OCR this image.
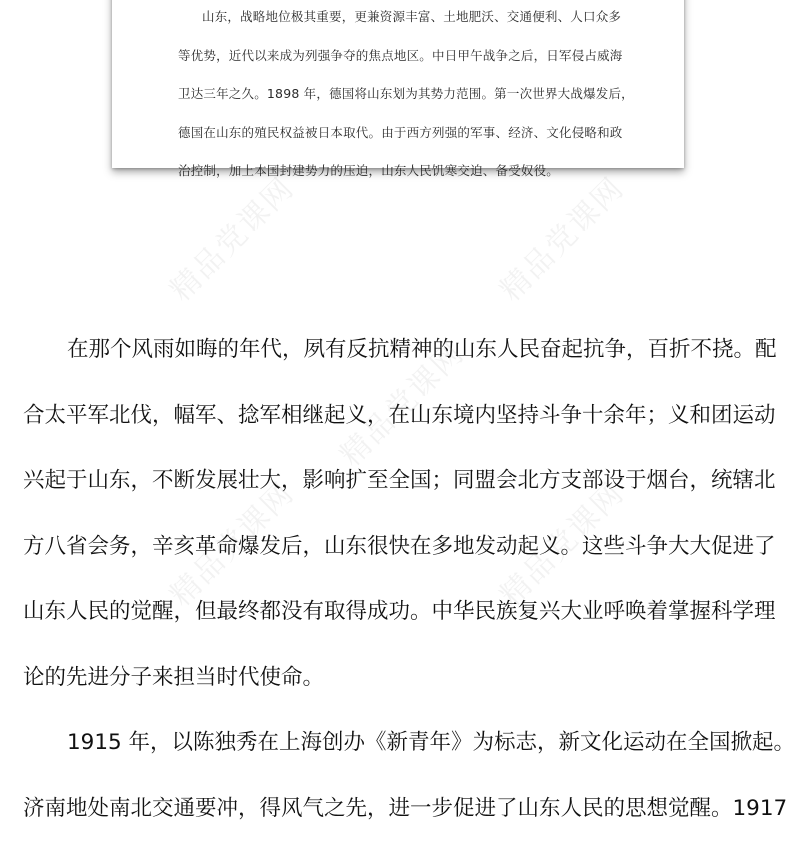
山东，战略地位极其重要，更兼资源丰富、土地肥沃、交通便利、人口众多
等优势，近代以来成为列强争夺的焦点地区。中日甲午战争之后，日军侵占威海
卫达三年之久。1898 年，德国将山东划为其势力范围。第一次世界大战爆发后，
德国在山东的殖民权益被日本取代。由于西方列强的军事、经济、文化侵略和政
治控制，加上本国封建势力的压迫，山东人民饥寒交迫、备受奴役。

在那个风雨如晦的年代，夙有反抗精神的山东人民奋起抗争，百折不挠。配
合太平军北伐，幅军、捻军相继起义，在山东境内坚持斗争十余年；义和团运动
兴起于山东，不断发展壮大，影响扩至全国；同盟会北方支部设于烟台，统辖北
方八省会务，辛亥革命爆发后，山东很快在多地发动起义。这些斗争大大促进了
山东人民的觉醒，但最终都没有取得成功。中华民族复兴大业呼唤着掌握科学理
论的先进分子来担当时代使命。
1915 年，以陈独秀在上海创办《新青年》为标志，新文化运动在全国掀起。
济南地处南北交通要冲，得风气之先，进一步促进了山东人民的思想觉醒。1917
精品党课网	精品党课网
精品党课网
精品党课网
精品党课网
